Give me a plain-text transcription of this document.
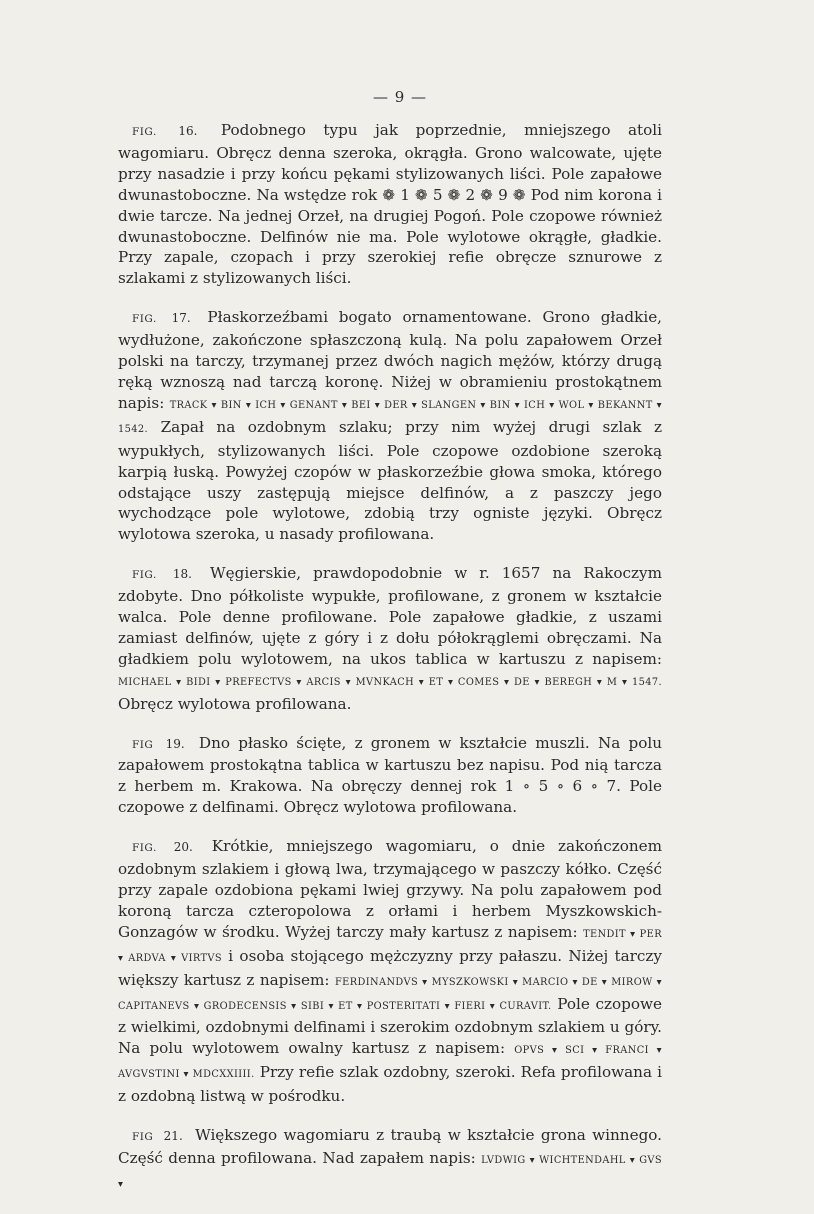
— 9 —

FIG. 16. Podobnego typu jak poprzednie, mniejszego atoli wagomiaru. Obręcz denna szeroka, okrągła. Grono walcowate, ujęte przy nasadzie i przy końcu pękami stylizowanych liści. Pole zapałowe dwunastoboczne. Na wstędze rok ❁ 1 ❁ 5 ❁ 2 ❁ 9 ❁ Pod nim korona i dwie tarcze. Na jednej Orzeł, na drugiej Pogoń. Pole czopowe również dwunastoboczne. Delfinów nie ma. Pole wylotowe okrągłe, gładkie. Przy zapale, czopach i przy szerokiej refie obręcze sznurowe z szlakami z stylizowanych liści.

FIG. 17. Płaskorzeźbami bogato ornamentowane. Grono gładkie, wydłużone, zakończone spłaszczoną kulą. Na polu zapałowem Orzeł polski na tarczy, trzymanej przez dwóch nagich mężów, którzy drugą ręką wznoszą nad tarczą koronę. Niżej w obramieniu prostokątnem napis: TRACK ▾ BIN ▾ ICH ▾ GENANT ▾ BEI ▾ DER ▾ SLANGEN ▾ BIN ▾ ICH ▾ WOL ▾ BEKANNT ▾ 1542. Zapał na ozdobnym szlaku; przy nim wyżej drugi szlak z wypukłych, stylizowanych liści. Pole czopowe ozdobione szeroką karpią łuską. Powyżej czopów w płaskorzeźbie głowa smoka, którego odstające uszy zastępują miejsce delfinów, a z paszczy jego wychodzące pole wylotowe, zdobią trzy ogniste języki. Obręcz wylotowa szeroka, u nasady profilowana.

FIG. 18. Węgierskie, prawdopodobnie w r. 1657 na Rakoczym zdobyte. Dno półkoliste wypukłe, profilowane, z gronem w kształcie walca. Pole denne profilowane. Pole zapałowe gładkie, z uszami zamiast delfinów, ujęte z góry i z dołu półokrąglemi obręczami. Na gładkiem polu wylotowem, na ukos tablica w kartuszu z napisem: MICHAEL ▾ BIDI ▾ PREFECTVS ▾ ARCIS ▾ MVNKACH ▾ ET ▾ COMES ▾ DE ▾ BEREGH ▾ M ▾ 1547. Obręcz wylotowa profilowana.

FIG 19. Dno płasko ścięte, z gronem w kształcie muszli. Na polu zapałowem prostokątna tablica w kartuszu bez napisu. Pod nią tarcza z herbem m. Krakowa. Na obręczy dennej rok 1 ∘ 5 ∘ 6 ∘ 7. Pole czopowe z delfinami. Obręcz wylotowa profilowana.

FIG. 20. Krótkie, mniejszego wagomiaru, o dnie zakończonem ozdobnym szlakiem i głową lwa, trzymającego w paszczy kółko. Część przy zapale ozdobiona pękami lwiej grzywy. Na polu zapałowem pod koroną tarcza czteropolowa z orłami i herbem Myszkowskich-Gonzagów w środku. Wyżej tarczy mały kartusz z napisem: TENDIT ▾ PER ▾ ARDVA ▾ VIRTVS i osoba stojącego mężczyzny przy pałaszu. Niżej tarczy większy kartusz z napisem: FERDINANDVS ▾ MYSZKOWSKI ▾ MARCIO ▾ DE ▾ MIROW ▾ CAPITANEVS ▾ GRODECENSIS ▾ SIBI ▾ ET ▾ POSTERITATI ▾ FIERI ▾ CURAVIT. Pole czopowe z wielkimi, ozdobnymi delfinami i szerokim ozdobnym szlakiem u góry. Na polu wylotowem owalny kartusz z napisem: OPVS ▾ SCI ▾ FRANCI ▾ AVGVSTINI ▾ MDCXXIIII. Przy refie szlak ozdobny, szeroki. Refa profilowana i z ozdobną listwą w pośrodku.

FIG 21. Większego wagomiaru z traubą w kształcie grona winnego. Część denna profilowana. Nad zapałem napis: LVDWIG ▾ WICHTENDAHL ▾ GVS ▾
